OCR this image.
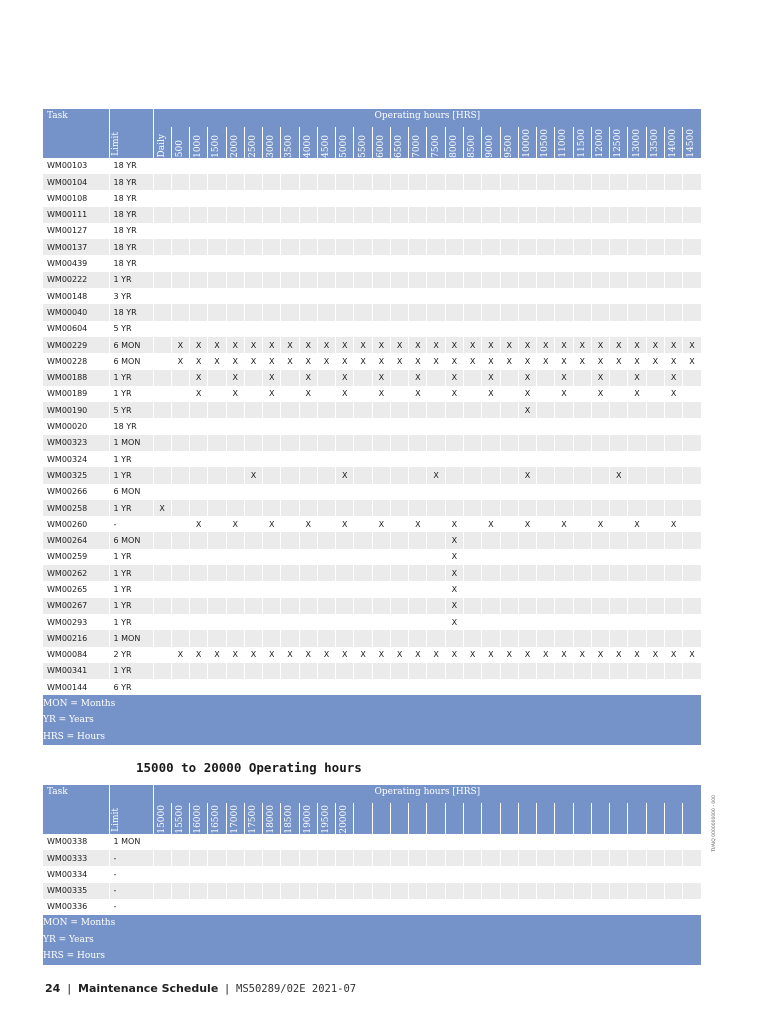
Task		Operating hours [HRS]																													

	Limit	Daily	500	1000	1500	2000	2500	3000	3500	4000	4500	5000	5500	6000	6500	7000	7500	8000	8500	9000	9500	10000	10500	11000	11500	12000	12500	13000	13500	14000	14500

WM00103	18 YR																														
WM00104	18 YR																														
WM00108	18 YR																														
WM00111	18 YR																														
WM00127	18 YR																														
WM00137	18 YR																														
WM00439	18 YR																														
WM00222	1 YR																														
WM00148	3 YR																														
WM00040	18 YR																														
WM00604	5 YR																														
WM00229	6 MON		X	X	X	X	X	X	X	X	X	X	X	X	X	X	X	X	X	X	X	X	X	X	X	X	X	X	X	X	X
WM00228	6 MON		X	X	X	X	X	X	X	X	X	X	X	X	X	X	X	X	X	X	X	X	X	X	X	X	X	X	X	X	X
WM00188	1 YR			X		X		X		X		X		X		X		X		X		X		X		X		X		X	
WM00189	1 YR			X		X		X		X		X		X		X		X		X		X		X		X		X		X	
WM00190	5 YR																					X									
WM00020	18 YR																														
WM00323	1 MON																														
WM00324	1 YR																														
WM00325	1 YR						X					X					X					X					X				
WM00266	6 MON																														
WM00258	1 YR	X																													
WM00260	-			X		X		X		X		X		X		X		X		X		X		X		X		X		X	
WM00264	6 MON																	X													
WM00259	1 YR																	X													
WM00262	1 YR																	X													
WM00265	1 YR																	X													
WM00267	1 YR																	X													
WM00293	1 YR																	X													
WM00216	1 MON																														
WM00084	2 YR		X	X	X	X	X	X	X	X	X	X	X	X	X	X	X	X	X	X	X	X	X	X	X	X	X	X	X	X	X
WM00341	1 YR																														
WM00144	6 YR																														
MON = Months																															
YR = Years																															
HRS = Hours																															
15000 to 20000 Operating hours
Task		Operating hours [HRS]																													

	Limit	15000	15500	16000	16500	17000	17500	18000	18500	19000	19500	20000																			

WM00338	1 MON																														
WM00333	-																														
WM00334	-																														
WM00335	-																														
WM00336	-																														
MON = Months																															
YR = Years																															
HRS = Hours																															
TI/AIQ 0000000000 - 000
24 | Maintenance Schedule | MS50289/02E 2021-07
